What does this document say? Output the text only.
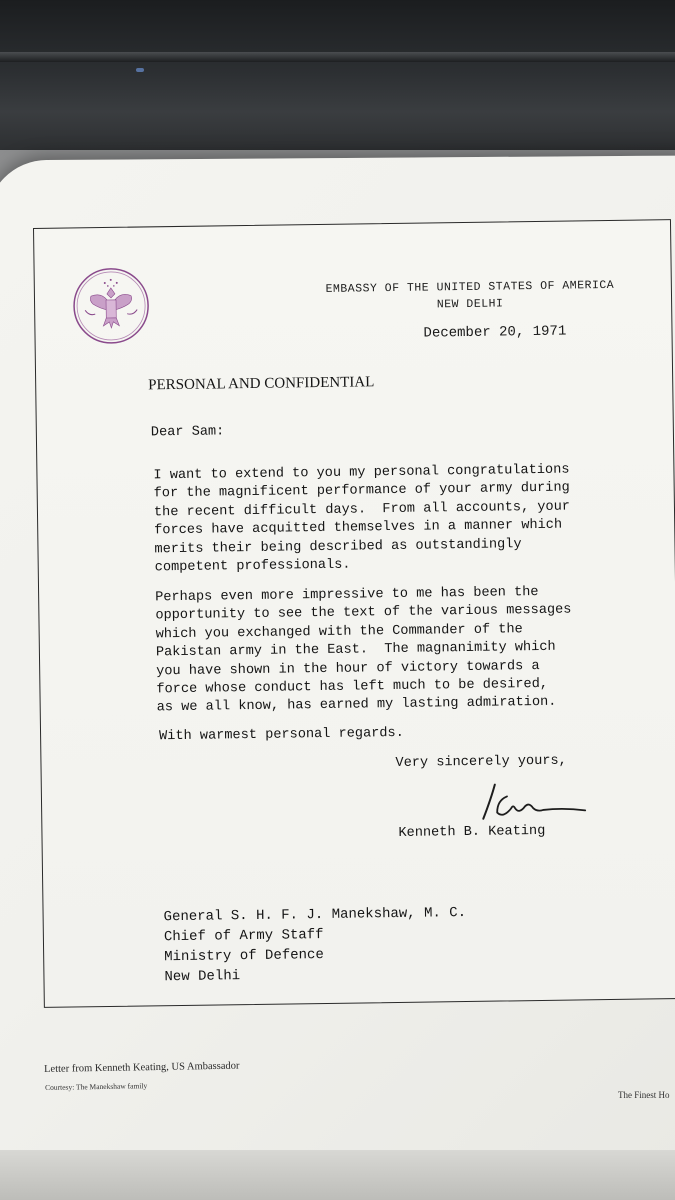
EMBASSY OF THE UNITED STATES OF AMERICA
NEW DELHI
December 20, 1971
PERSONAL AND CONFIDENTIAL
Dear Sam:
I want to extend to you my personal congratulations
for the magnificent performance of your army during
the recent difficult days.  From all accounts, your
forces have acquitted themselves in a manner which
merits their being described as outstandingly
competent professionals.
Perhaps even more impressive to me has been the
opportunity to see the text of the various messages
which you exchanged with the Commander of the
Pakistan army in the East.  The magnanimity which
you have shown in the hour of victory towards a
force whose conduct has left much to be desired,
as we all know, has earned my lasting admiration.
With warmest personal regards.
Very sincerely yours,
Kenneth B. Keating
General S. H. F. J. Manekshaw, M. C.
Chief of Army Staff
Ministry of Defence
New Delhi
Letter from Kenneth Keating, US Ambassador
Courtesy: The Manekshaw family
The Finest Ho
